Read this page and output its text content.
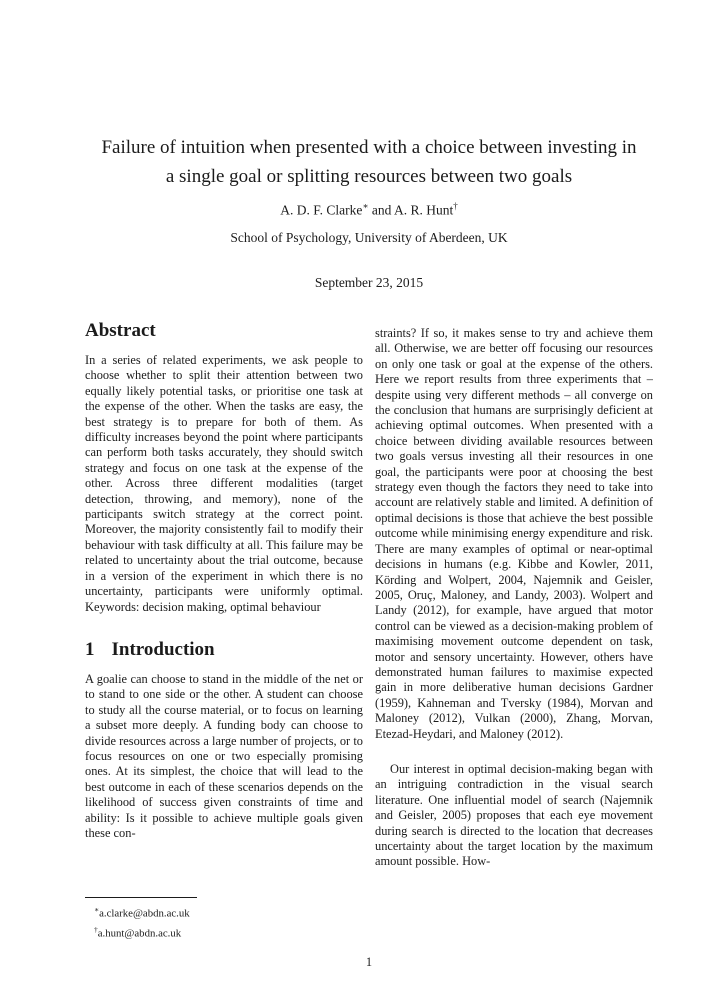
Failure of intuition when presented with a choice between investing in
a single goal or splitting resources between two goals
A. D. F. Clarke∗ and A. R. Hunt†
School of Psychology, University of Aberdeen, UK
September 23, 2015
Abstract

In a series of related experiments, we ask people to choose whether to split their attention between two equally likely potential tasks, or prioritise one task at the expense of the other. When the tasks are easy, the best strategy is to prepare for both of them. As difficulty increases beyond the point where participants can perform both tasks accurately, they should switch strategy and focus on one task at the expense of the other. Across three different modalities (target detection, throwing, and memory), none of the participants switch strategy at the correct point. Moreover, the majority consistently fail to modify their behaviour with task difficulty at all. This failure may be related to uncertainty about the trial outcome, because in a version of the experiment in which there is no uncertainty, participants were uniformly optimal. Keywords: decision making, optimal behaviour

1 Introduction

A goalie can choose to stand in the middle of the net or to stand to one side or the other. A student can choose to study all the course material, or to focus on learning a subset more deeply. A funding body can choose to divide resources across a large number of projects, or to focus resources on one or two especially promising ones. At its simplest, the choice that will lead to the best outcome in each of these scenarios depends on the likelihood of success given constraints of time and ability: Is it possible to achieve multiple goals given these con-

∗a.clarke@abdn.ac.uk
†a.hunt@abdn.ac.uk

straints? If so, it makes sense to try and achieve them all. Otherwise, we are better off focusing our resources on only one task or goal at the expense of the others. Here we report results from three experiments that – despite using very different methods – all converge on the conclusion that humans are surprisingly deficient at achieving optimal outcomes. When presented with a choice between dividing available resources between two goals versus investing all their resources in one goal, the participants were poor at choosing the best strategy even though the factors they need to take into account are relatively stable and limited. A definition of optimal decisions is those that achieve the best possible outcome while minimising energy expenditure and risk. There are many examples of optimal or near-optimal decisions in humans (e.g. Kibbe and Kowler, 2011, Körding and Wolpert, 2004, Najemnik and Geisler, 2005, Oruç, Maloney, and Landy, 2003). Wolpert and Landy (2012), for example, have argued that motor control can be viewed as a decision-making problem of maximising movement outcome dependent on task, motor and sensory uncertainty. However, others have demonstrated human failures to maximise expected gain in more deliberative human decisions Gardner (1959), Kahneman and Tversky (1984), Morvan and Maloney (2012), Vulkan (2000), Zhang, Morvan, Etezad-Heydari, and Maloney (2012).

Our interest in optimal decision-making began with an intriguing contradiction in the visual search literature. One influential model of search (Najemnik and Geisler, 2005) proposes that each eye movement during search is directed to the location that decreases uncertainty about the target location by the maximum amount possible. How-

1
